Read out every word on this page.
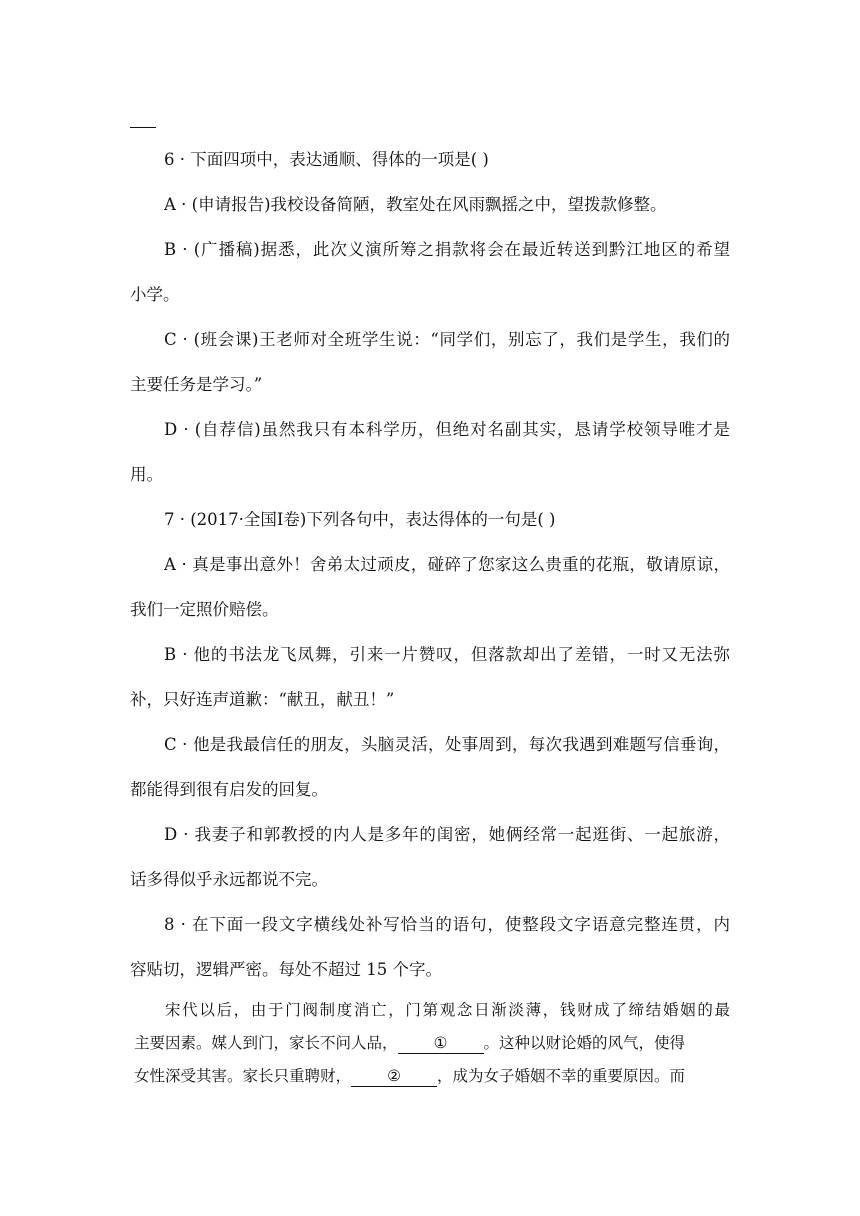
6 · 下面四项中，表达通顺、得体的一项是( )
A · (申请报告)我校设备简陋，教室处在风雨飘摇之中，望拨款修整。
B · (广播稿)据悉，此次义演所筹之捐款将会在最近转送到黔江地区的希望
小学。
C · (班会课)王老师对全班学生说：“同学们，别忘了，我们是学生，我们的
主要任务是学习。”
D · (自荐信)虽然我只有本科学历，但绝对名副其实，恳请学校领导唯才是
用。
7 · (2017·全国Ⅰ卷)下列各句中，表达得体的一句是( )
A · 真是事出意外！舍弟太过顽皮，碰碎了您家这么贵重的花瓶，敬请原谅，
我们一定照价赔偿。
B · 他的书法龙飞凤舞，引来一片赞叹，但落款却出了差错，一时又无法弥
补，只好连声道歉：“献丑，献丑！”
C · 他是我最信任的朋友，头脑灵活，处事周到，每次我遇到难题写信垂询，
都能得到很有启发的回复。
D · 我妻子和郭教授的内人是多年的闺密，她俩经常一起逛街、一起旅游，
话多得似乎永远都说不完。
8 · 在下面一段文字横线处补写恰当的语句，使整段文字语意完整连贯，内
容贴切，逻辑严密。每处不超过 15 个字。
宋代以后，由于门阀制度消亡，门第观念日渐淡薄，钱财成了缔结婚姻的最
主要因素。媒人到门，家长不问人品， ① 。这种以财论婚的风气，使得
女性深受其害。家长只重聘财， ② ，成为女子婚姻不幸的重要原因。而
